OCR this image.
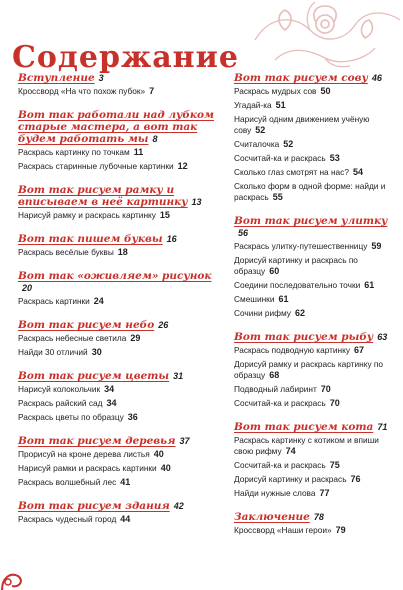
Содержание
Вступление 3
Кроссворд «На что похож пубок» 7
Вот так работали над лубком старые мастера, а вот так будем работать мы 8
Раскрась картинку по точкам 11
Раскрась старинные лубочные картинки 12
Вот так рисуем рамку и вписываем в неё картинку 13
Нарисуй рамку и раскрась картинку 15
Вот так пишем буквы 16
Раскрась весёлые буквы 18
Вот так «оживляем» рисунок20
Раскрась картинки 24
Вот так рисуем небо 26
Раскрась небесные светила 29
Найди 30 отличий 30
Вот так рисуем цветы 31
Нарисуй колокольчик 34
Раскрась райский сад 34
Раскрась цветы по образцу 36
Вот так рисуем деревья 37
Прорисуй на кроне дерева листья 40
Нарисуй рамки и раскрась картинки 40
Раскрась волшебный лес 41
Вот так рисуем здания 42
Раскрась чудесный город 44
Вот так рисуем сову 46
Раскрась мудрых сов 50
Угадай-ка 51
Нарисуй одним движением учёную сову 52
Считалочка 52
Сосчитай-ка и раскрась 53
Сколько глаз смотрят на нас? 54
Сколько форм в одной форме: найди и раскрась 55
Вот так рисуем улитку56
Раскрась улитку-путешественницу 59
Дорисуй картинку и раскрась по образцу 60
Соедини последовательно точки 61
Смешинки 61
Сочини рифму 62
Вот так рисуем рыбу 63
Раскрась подводную картинку 67
Дорисуй рамку и раскрась картинку по образцу 68
Подводный лабиринт 70
Сосчитай-ка и раскрась 70
Вот так рисуем кота 71
Раскрась картинку с котиком и впиши свою рифму 74
Сосчитай-ка и раскрась 75
Дорисуй картинку и раскрась 76
Найди нужные слова 77
Заключение 78
Кроссворд «Наши герои» 79
